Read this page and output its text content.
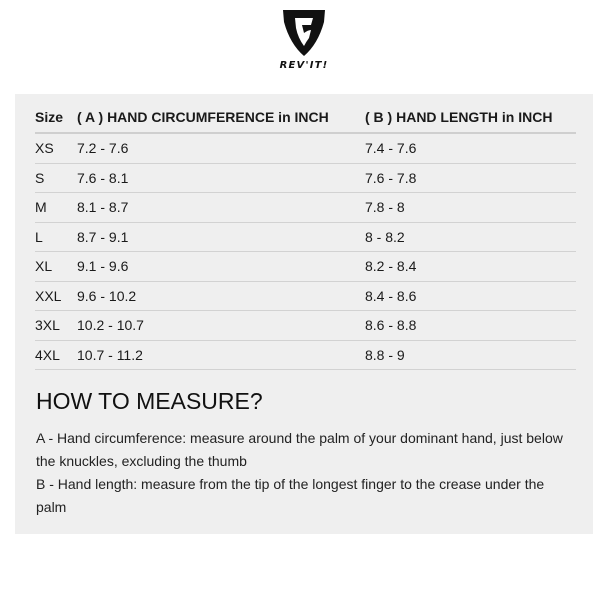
REV'IT!
Size	( A ) HAND CIRCUMFERENCE in INCH	( B ) HAND LENGTH in INCH
XS	7.2 - 7.6	7.4 - 7.6
S	7.6 - 8.1	7.6 - 7.8
M	8.1 - 8.7	7.8 - 8
L	8.7 - 9.1	8 - 8.2
XL	9.1 - 9.6	8.2 - 8.4
XXL	9.6 - 10.2	8.4 - 8.6
3XL	10.2 - 10.7	8.6 - 8.8
4XL	10.7 - 11.2	8.8 - 9
HOW TO MEASURE?

A - Hand circumference: measure around the palm of your dominant hand, just below the knuckles, excluding the thumb

B - Hand length: measure from the tip of the longest finger to the crease under the palm
